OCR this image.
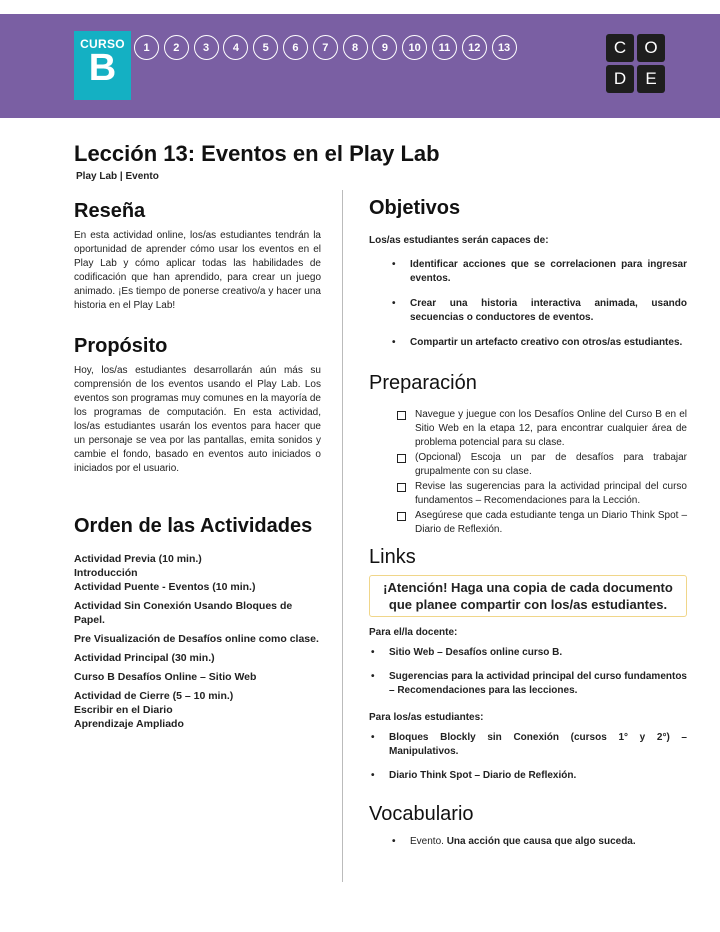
CURSO
B	1	2	3	4	5	6	7	8	9	10	11	12	13	C	O
D	E
Lección 13: Eventos en el Play Lab
Play Lab | Evento
Reseña

En esta actividad online, los/as estudiantes tendrán la oportunidad de aprender cómo usar los eventos en el Play Lab y cómo aplicar todas las habilidades de codificación que han aprendido, para crear un juego animado. ¡Es tiempo de ponerse creativo/a y hacer una historia en el Play Lab!

Propósito

Hoy, los/as estudiantes desarrollarán aún más su comprensión de los eventos usando el Play Lab. Los eventos son programas muy comunes en la mayoría de los programas de computación. En esta actividad, los/as estudiantes usarán los eventos para hacer que un personaje se vea por las pantallas, emita sonidos y cambie el fondo, basado en eventos auto iniciados o iniciados por el usuario.

Orden de las Actividades
Actividad Previa (10 min.)
Introducción
Actividad Puente - Eventos (10 min.)
Actividad Sin Conexión Usando Bloques de Papel.
Pre Visualización de Desafíos online como clase.
Actividad Principal (30 min.)
Curso B Desafíos Online – Sitio Web
Actividad de Cierre (5 – 10 min.)
Escribir en el Diario
Aprendizaje Ampliado
Objetivos
Los/as estudiantes serán capaces de:
• Identificar acciones que se correlacionen para ingresar eventos.
• Crear una historia interactiva animada, usando secuencias o conductores de eventos.
• Compartir un artefacto creativo con otros/as estudiantes.
Preparación
Navegue y juegue con los Desafíos Online del Curso B en el Sitio Web en la etapa 12, para encontrar cualquier área de problema potencial para su clase.
(Opcional) Escoja un par de desafíos para trabajar grupalmente con su clase.
Revise las sugerencias para la actividad principal del curso fundamentos – Recomendaciones para la Lección.
Asegúrese que cada estudiante tenga un Diario Think Spot – Diario de Reflexión.
Links
¡Atención! Haga una copia de cada documento que planee compartir con los/as estudiantes.
Para el/la docente:
• Sitio Web – Desafíos online curso B.
• Sugerencias para la actividad principal del curso fundamentos – Recomendaciones para las lecciones.
Para los/as estudiantes:
• Bloques Blockly sin Conexión (cursos 1° y 2°) – Manipulativos.
• Diario Think Spot – Diario de Reflexión.
Vocabulario
• Evento. Una acción que causa que algo suceda.
